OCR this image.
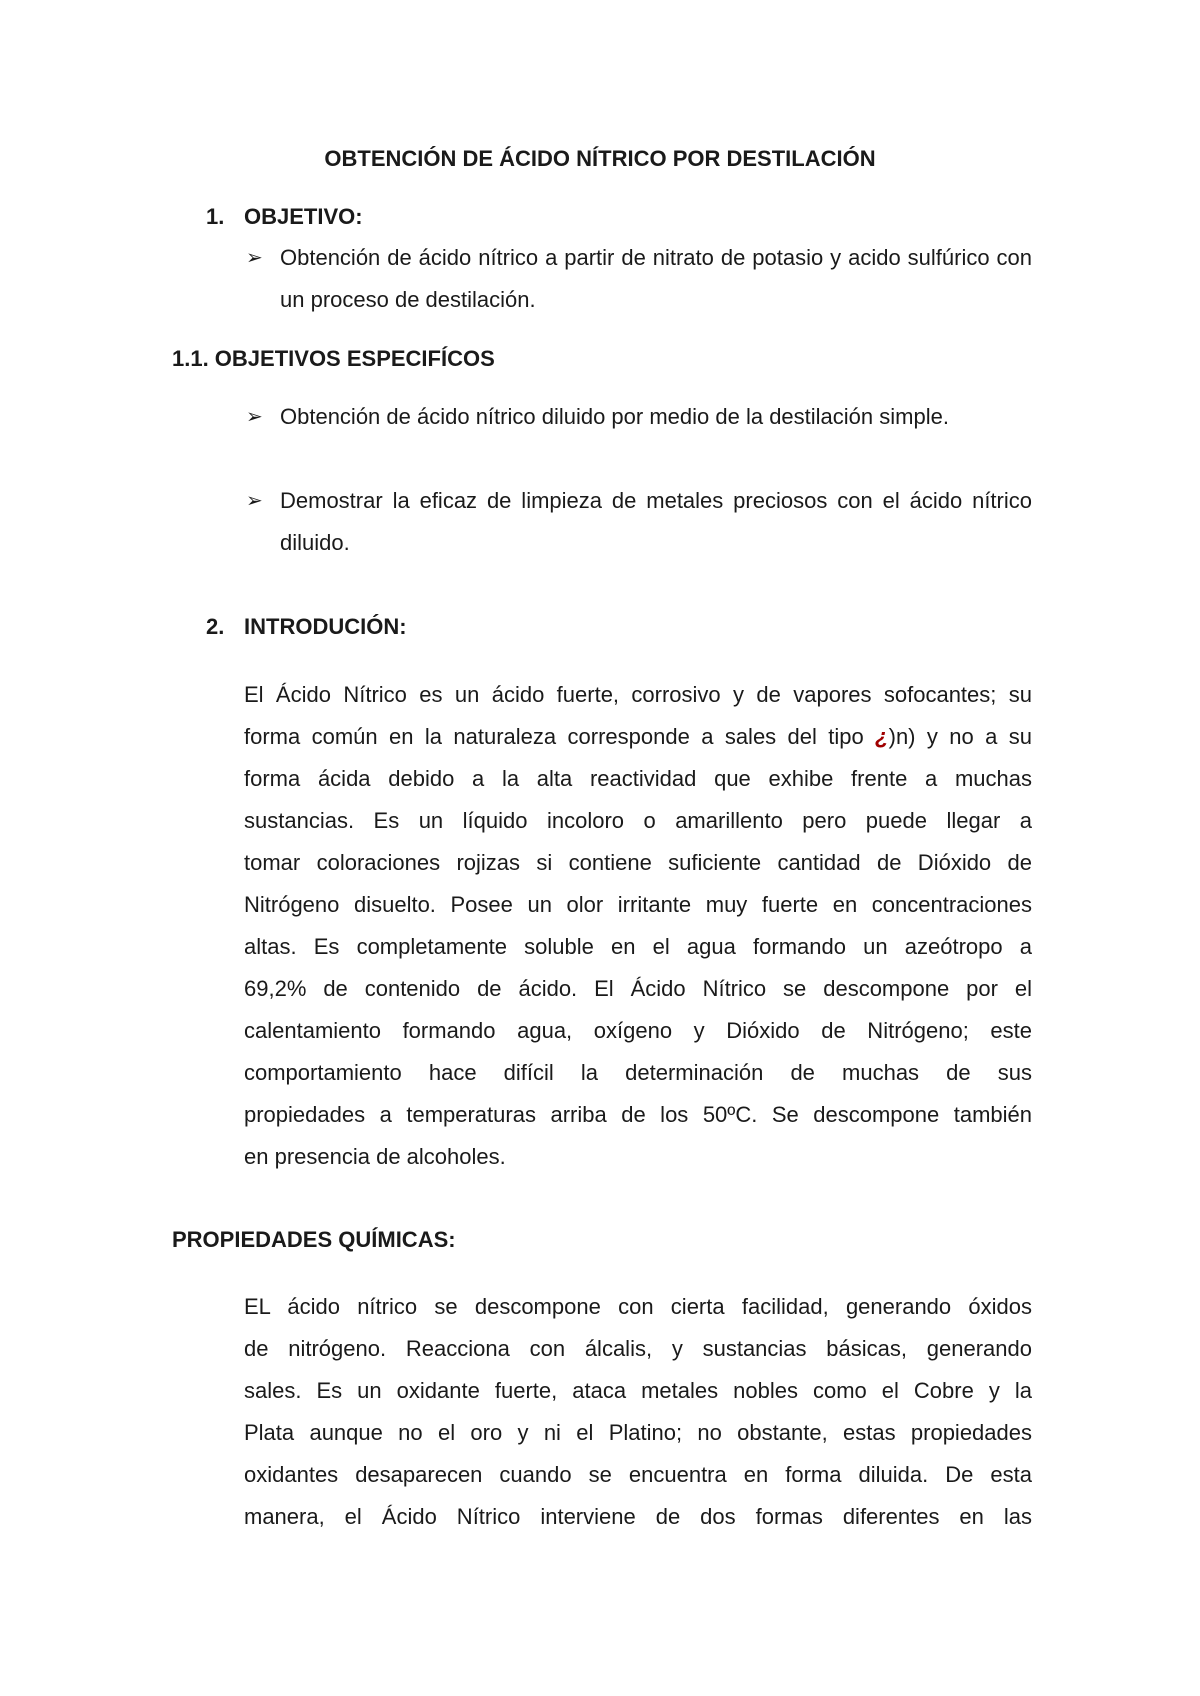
OBTENCIÓN DE ÁCIDO NÍTRICO POR DESTILACIÓN
1. OBJETIVO:
➢ Obtención de ácido nítrico a partir de nitrato de potasio y acido sulfúrico con un proceso de destilación.
1.1. OBJETIVOS ESPECIFÍCOS
➢ Obtención de ácido nítrico diluido por medio de la destilación simple.
➢ Demostrar la eficaz de limpieza de metales preciosos con el ácido nítrico diluido.
2. INTRODUCIÓN:
El Ácido Nítrico es un ácido fuerte, corrosivo y de vapores sofocantes; su
forma común en la naturaleza corresponde a sales del tipo ¿)n) y no a su
forma ácida debido a la alta reactividad que exhibe frente a muchas
sustancias. Es un líquido incoloro o amarillento pero puede llegar a
tomar coloraciones rojizas si contiene suficiente cantidad de Dióxido de
Nitrógeno disuelto. Posee un olor irritante muy fuerte en concentraciones
altas. Es completamente soluble en el agua formando un azeótropo a
69,2% de contenido de ácido. El Ácido Nítrico se descompone por el
calentamiento formando agua, oxígeno y Dióxido de Nitrógeno; este
comportamiento hace difícil la determinación de muchas de sus
propiedades a temperaturas arriba de los 50ºC. Se descompone también
en presencia de alcoholes.
PROPIEDADES QUÍMICAS:
EL ácido nítrico se descompone con cierta facilidad, generando óxidos
de nitrógeno. Reacciona con álcalis, y sustancias básicas, generando
sales. Es un oxidante fuerte, ataca metales nobles como el Cobre y la
Plata aunque no el oro y ni el Platino; no obstante, estas propiedades
oxidantes desaparecen cuando se encuentra en forma diluida. De esta
manera, el Ácido Nítrico interviene de dos formas diferentes en las
